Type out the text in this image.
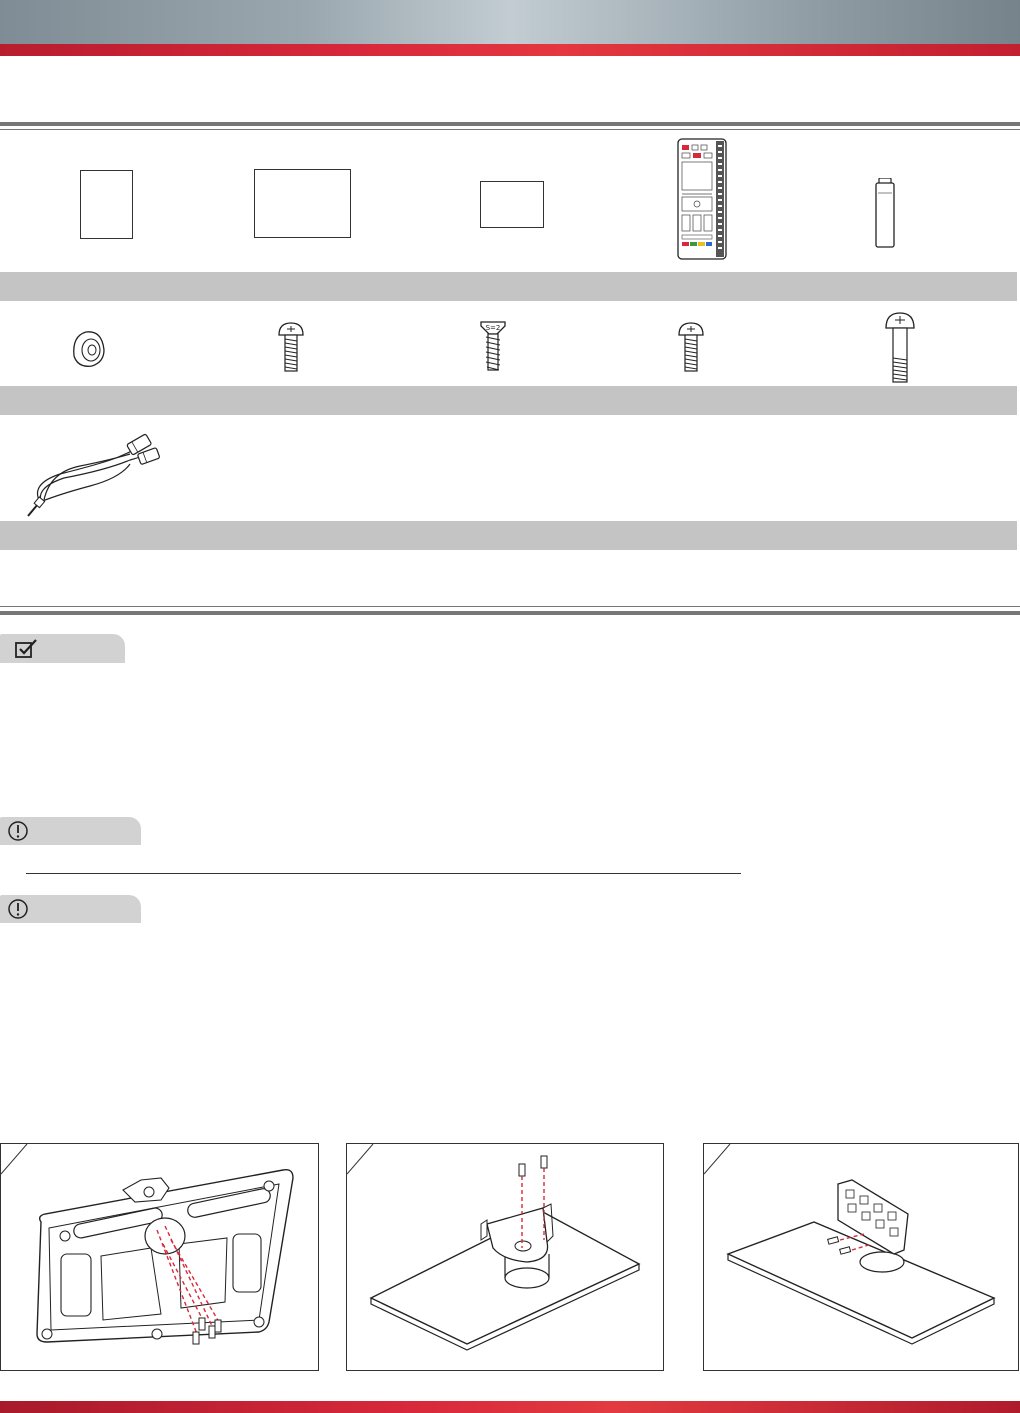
S=2
